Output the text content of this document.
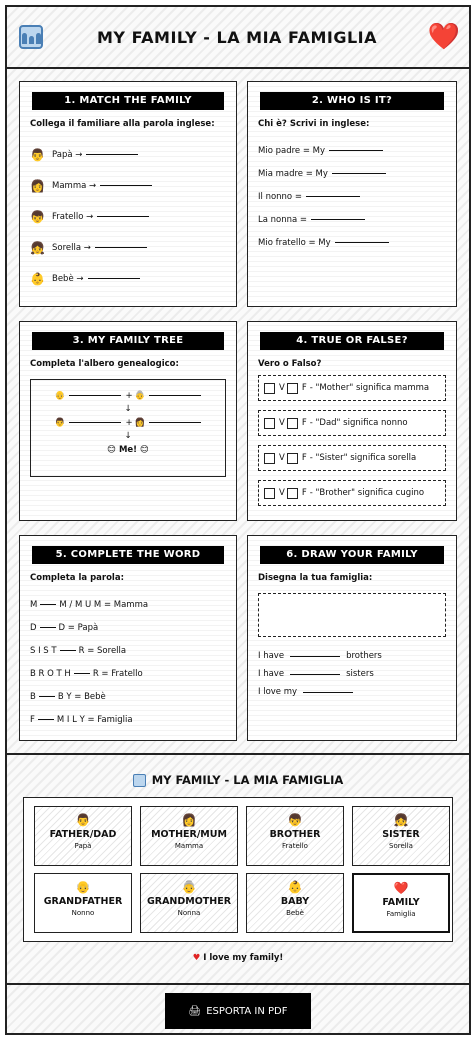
MY FAMILY - LA MIA FAMIGLIA ❤️
1. MATCH THE FAMILY
Collega il familiare alla parola inglese:
👨 Papà →
👩 Mamma →
👦 Fratello →
👧 Sorella →
👶 Bebè →
2. WHO IS IT?
Chi è? Scrivi in inglese:
Mio padre = My
Mia madre = My
Il nonno =
La nonna =
Mio fratello = My
3. MY FAMILY TREE
Completa l'albero genealogico:
👴	+ 👵
↓
👨	+ 👩
↓
😊 Me! 😊
4. TRUE OR FALSE?
Vero o Falso?
V F - "Mother" significa mamma
V F - "Dad" significa nonno
V F - "Sister" significa sorella
V F - "Brother" significa cugino
5. COMPLETE THE WORD
Completa la parola:
M	M / M U M = Mamma
D	D = Papà
S I S T	R = Sorella
B R O T H	R = Fratello
B	B Y = Bebè
F	M I L Y = Famiglia
6. DRAW YOUR FAMILY
Disegna la tua famiglia:
I have	brothers
I have	sisters
I love my
MY FAMILY - LA MIA FAMIGLIA
👨
FATHER/DAD
Papà
👩
MOTHER/MUM
Mamma
👦
BROTHER
Fratello
👧
SISTER
Sorella
👴
GRANDFATHER
Nonno
👵
GRANDMOTHER
Nonna
👶
BABY
Bebè
❤️
FAMILY
Famiglia
♥ I love my family!
🖨 ESPORTA IN PDF
